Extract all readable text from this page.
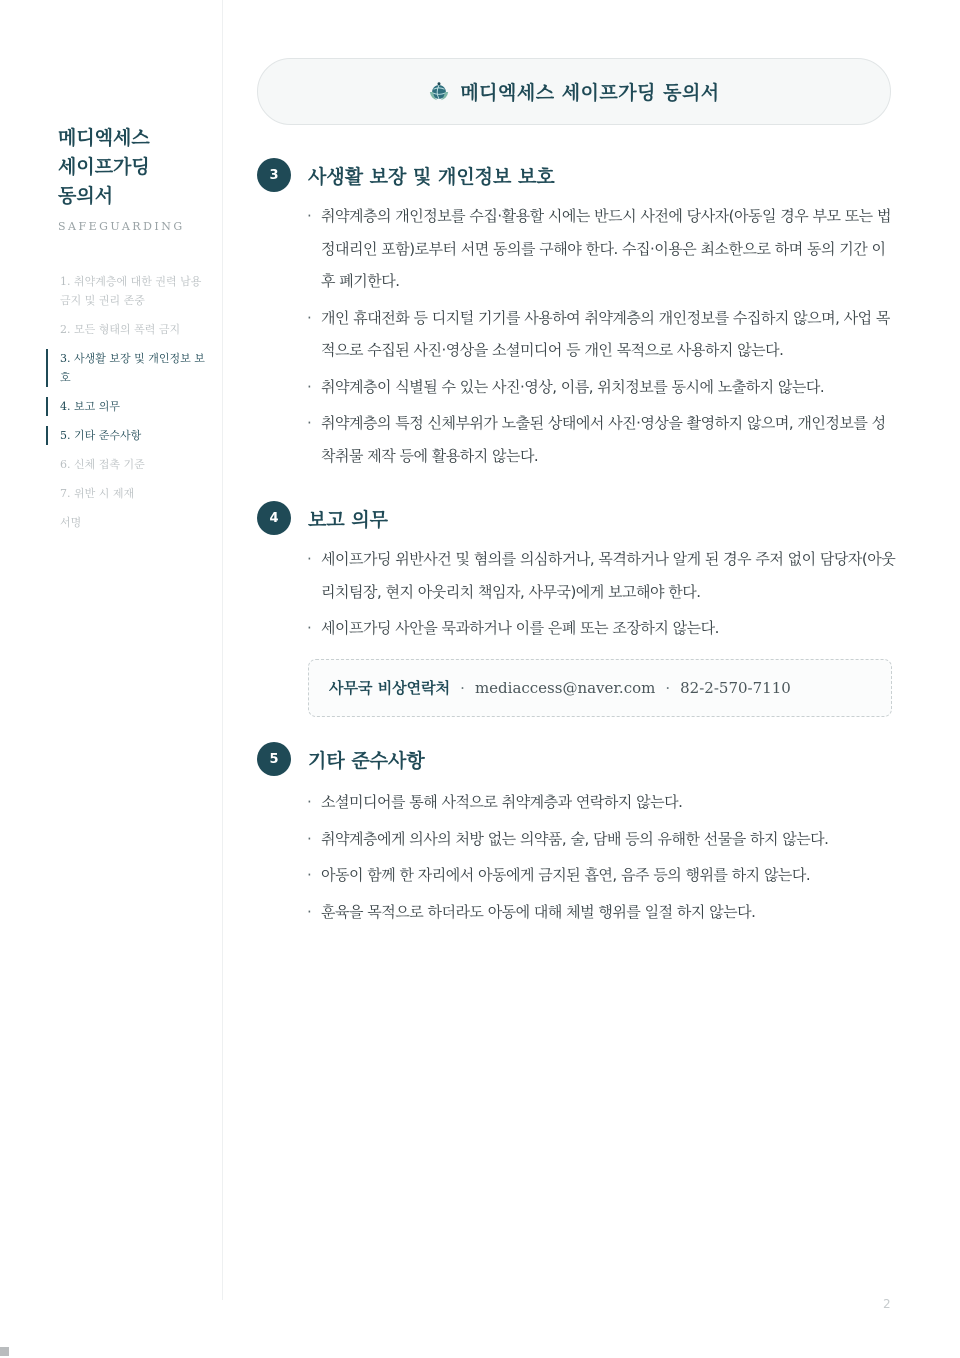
메디엑세스
세이프가딩
동의서
SAFEGUARDING
1. 취약계층에 대한 권력 남용 금지 및 권리 존중
2. 모든 형태의 폭력 금지
3. 사생활 보장 및 개인정보 보호
4. 보고 의무
5. 기타 준수사항
6. 신체 접촉 기준
7. 위반 시 제재
서명
메디엑세스 세이프가딩 동의서
3	사생활 보장 및 개인정보 보호
· 취약계층의 개인정보를 수집·활용할 시에는 반드시 사전에 당사자(아동일 경우 부모 또는 법정대리인 포함)로부터 서면 동의를 구해야 한다. 수집·이용은 최소한으로 하며 동의 기간 이후 폐기한다.
· 개인 휴대전화 등 디지털 기기를 사용하여 취약계층의 개인정보를 수집하지 않으며, 사업 목적으로 수집된 사진·영상을 소셜미디어 등 개인 목적으로 사용하지 않는다.
· 취약계층이 식별될 수 있는 사진·영상, 이름, 위치정보를 동시에 노출하지 않는다.
· 취약계층의 특정 신체부위가 노출된 상태에서 사진·영상을 촬영하지 않으며, 개인정보를 성 착취물 제작 등에 활용하지 않는다.
4	보고 의무
· 세이프가딩 위반사건 및 혐의를 의심하거나, 목격하거나 알게 된 경우 주저 없이 담당자(아웃리치팀장, 현지 아웃리치 책임자, 사무국)에게 보고해야 한다.
· 세이프가딩 사안을 묵과하거나 이를 은폐 또는 조장하지 않는다.
사무국 비상연락처 · mediaccess@naver.com · 82-2-570-7110
5	기타 준수사항
· 소셜미디어를 통해 사적으로 취약계층과 연락하지 않는다.
· 취약계층에게 의사의 처방 없는 의약품, 술, 담배 등의 유해한 선물을 하지 않는다.
· 아동이 함께 한 자리에서 아동에게 금지된 흡연, 음주 등의 행위를 하지 않는다.
· 훈육을 목적으로 하더라도 아동에 대해 체벌 행위를 일절 하지 않는다.
2
